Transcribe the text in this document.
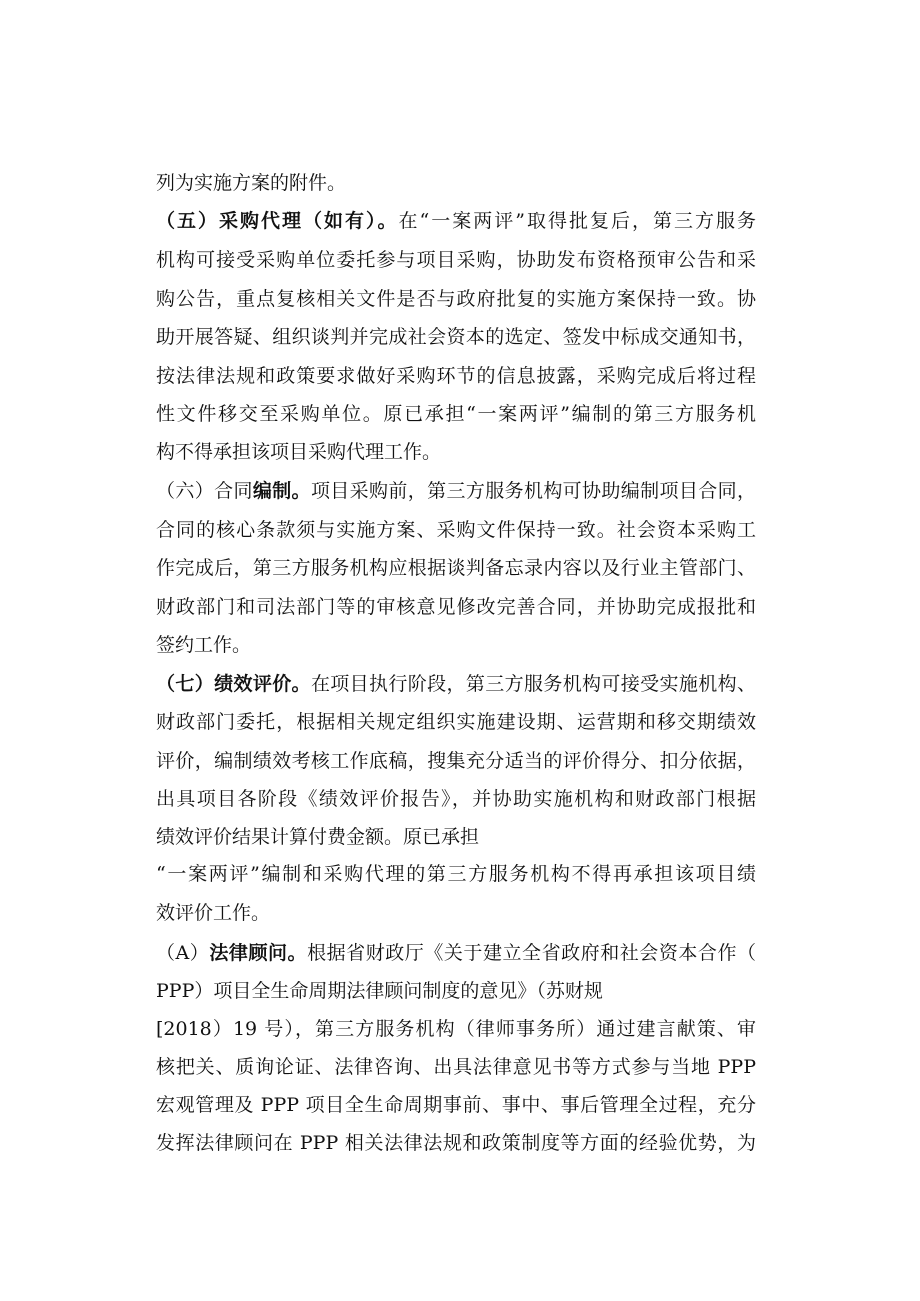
列为实施方案的附件。
（五）采购代理（如有）。在“一案两评”取得批复后，第三方服务
机构可接受采购单位委托参与项目采购，协助发布资格预审公告和采
购公告，重点复核相关文件是否与政府批复的实施方案保持一致。协
助开展答疑、组织谈判并完成社会资本的选定、签发中标成交通知书，
按法律法规和政策要求做好采购环节的信息披露，采购完成后将过程
性文件移交至采购单位。原已承担“一案两评”编制的第三方服务机
构不得承担该项目采购代理工作。
（六）合同编制。项目采购前，第三方服务机构可协助编制项目合同，
合同的核心条款须与实施方案、采购文件保持一致。社会资本采购工
作完成后，第三方服务机构应根据谈判备忘录内容以及行业主管部门、
财政部门和司法部门等的审核意见修改完善合同，并协助完成报批和
签约工作。
（七）绩效评价。在项目执行阶段，第三方服务机构可接受实施机构、
财政部门委托，根据相关规定组织实施建设期、运营期和移交期绩效
评价，编制绩效考核工作底稿，搜集充分适当的评价得分、扣分依据，
出具项目各阶段《绩效评价报告》，并协助实施机构和财政部门根据
绩效评价结果计算付费金额。原已承担
“一案两评”编制和采购代理的第三方服务机构不得再承担该项目绩
效评价工作。
（A）法律顾问。根据省财政厅《关于建立全省政府和社会资本合作（
PPP）项目全生命周期法律顾问制度的意见》（苏财规
[2018）19 号），第三方服务机构（律师事务所）通过建言献策、审
核把关、质询论证、法律咨询、出具法律意见书等方式参与当地 PPP
宏观管理及 PPP 项目全生命周期事前、事中、事后管理全过程，充分
发挥法律顾问在 PPP 相关法律法规和政策制度等方面的经验优势，为
